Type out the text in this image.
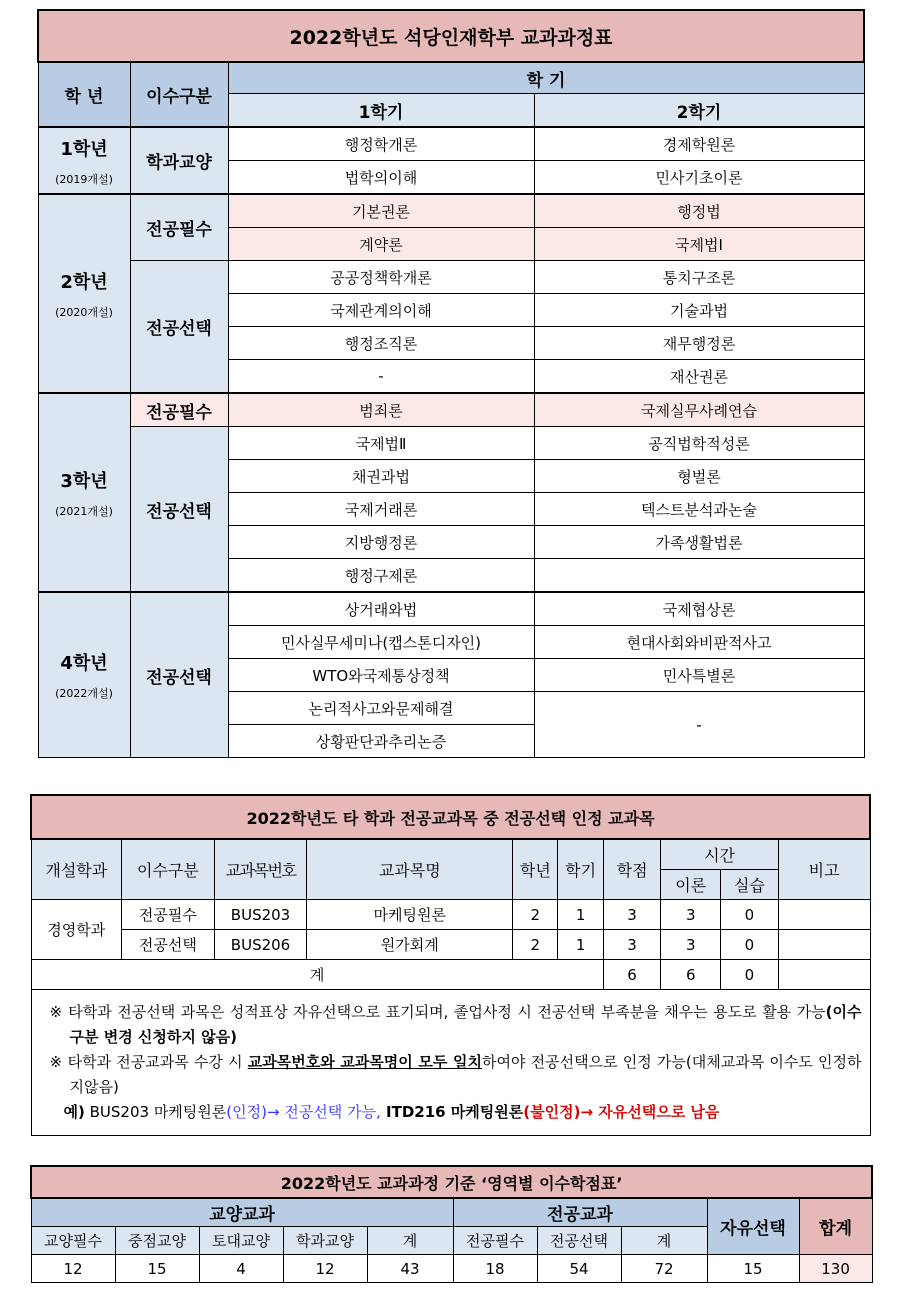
2022학년도 석당인재학부 교과과정표			
학 년	이수구분	학 기	
		1학기	2학기
1학년
(2019개설)	학과교양	행정학개론	경제학원론
		법학의이해	민사기초이론
2학년
(2020개설)	전공필수	기본권론	행정법
		계약론	국제법Ⅰ
	전공선택	공공정책학개론	통치구조론
		국제관계의이해	기술과법
		행정조직론	재무행정론
		-	재산권론
3학년
(2021개설)	전공필수	범죄론	국제실무사례연습
	전공선택	국제법Ⅱ	공직법학적성론
		채권과법	형벌론
		국제거래론	텍스트분석과논술
		지방행정론	가족생활법론
		행정구제론	
4학년
(2022개설)	전공선택	상거래와법	국제협상론
		민사실무세미나(캡스톤디자인)	현대사회와비판적사고
		WTO와국제통상정책	민사특별론
		논리적사고와문제해결	-
		상황판단과추리논증	
2022학년도 타 학과 전공교과목 중 전공선택 인정 교과목									
개설학과	이수구분	교과목번호	교과목명	학년	학기	학점	시간		비고
							이론	실습	
경영학과	전공필수	BUS203	마케팅원론	2	1	3	3	0	
	전공선택	BUS206	원가회계	2	1	3	3	0	
계						6	6	0	

※ 타학과 전공선택 과목은 성적표상 자유선택으로 표기되며, 졸업사정 시 전공선택 부족분을 채우는 용도로 활용 가능(이수구분 변경 신청하지 않음)
※ 타학과 전공교과목 수강 시 교과목번호와 교과목명이 모두 일치하여야 전공선택으로 인정 가능(대체교과목 이수도 인정하지않음)
예) BUS203 마케팅원론(인정)→ 전공선택 가능, ITD216 마케팅원론(불인정)→ 자유선택으로 남음									
2022학년도 교과과정 기준 ‘영역별 이수학점표’									
교양교과					전공교과			자유선택	합계
교양필수	중점교양	토대교양	학과교양	계	전공필수	전공선택	계		
12	15	4	12	43	18	54	72	15	130
